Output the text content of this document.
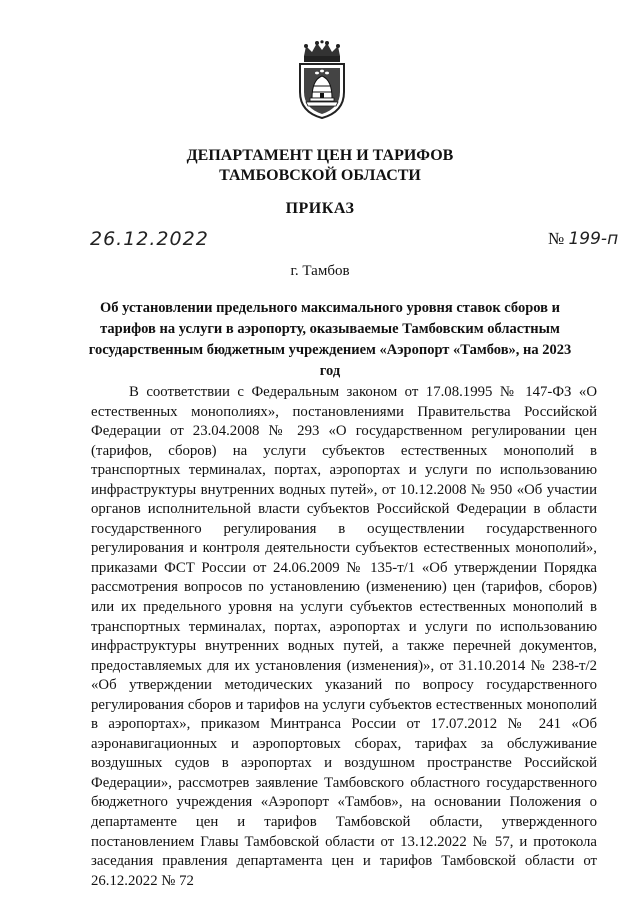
ДЕПАРТАМЕНТ ЦЕН И ТАРИФОВ
ТАМБОВСКОЙ ОБЛАСТИ
ПРИКАЗ
26.12.2022	№ 199-п
г. Тамбов
Об установлении предельного максимального уровня ставок сборов и тарифов на услуги в аэропорту, оказываемые Тамбовским областным государственным бюджетным учреждением «Аэропорт «Тамбов», на 2023 год

В соответствии с Федеральным законом от 17.08.1995 № 147-ФЗ «О естественных монополиях», постановлениями Правительства Российской Федерации от 23.04.2008 № 293 «О государственном регулировании цен (тарифов, сборов) на услуги субъектов естественных монополий в транспортных терминалах, портах, аэропортах и услуги по использованию инфраструктуры внутренних водных путей», от 10.12.2008 № 950 «Об участии органов исполнительной власти субъектов Российской Федерации в области государственного регулирования в осуществлении государственного регулирования и контроля деятельности субъектов естественных монополий», приказами ФСТ России от 24.06.2009 № 135-т/1 «Об утверждении Порядка рассмотрения вопросов по установлению (изменению) цен (тарифов, сборов) или их предельного уровня на услуги субъектов естественных монополий в транспортных терминалах, портах, аэропортах и услуги по использованию инфраструктуры внутренних водных путей, а также перечней документов, предоставляемых для их установления (изменения)», от 31.10.2014 № 238-т/2 «Об утверждении методических указаний по вопросу государственного регулирования сборов и тарифов на услуги субъектов естественных монополий в аэропортах», приказом Минтранса России от 17.07.2012 № 241 «Об аэронавигационных и аэропортовых сборах, тарифах за обслуживание воздушных судов в аэропортах и воздушном пространстве Российской Федерации», рассмотрев заявление Тамбовского областного государственного бюджетного учреждения «Аэропорт «Тамбов», на основании Положения о департаменте цен и тарифов Тамбовской области, утвержденного постановлением Главы Тамбовской области от 13.12.2022 № 57, и протокола заседания правления департамента цен и тарифов Тамбовской области от 26.12.2022 № 72
